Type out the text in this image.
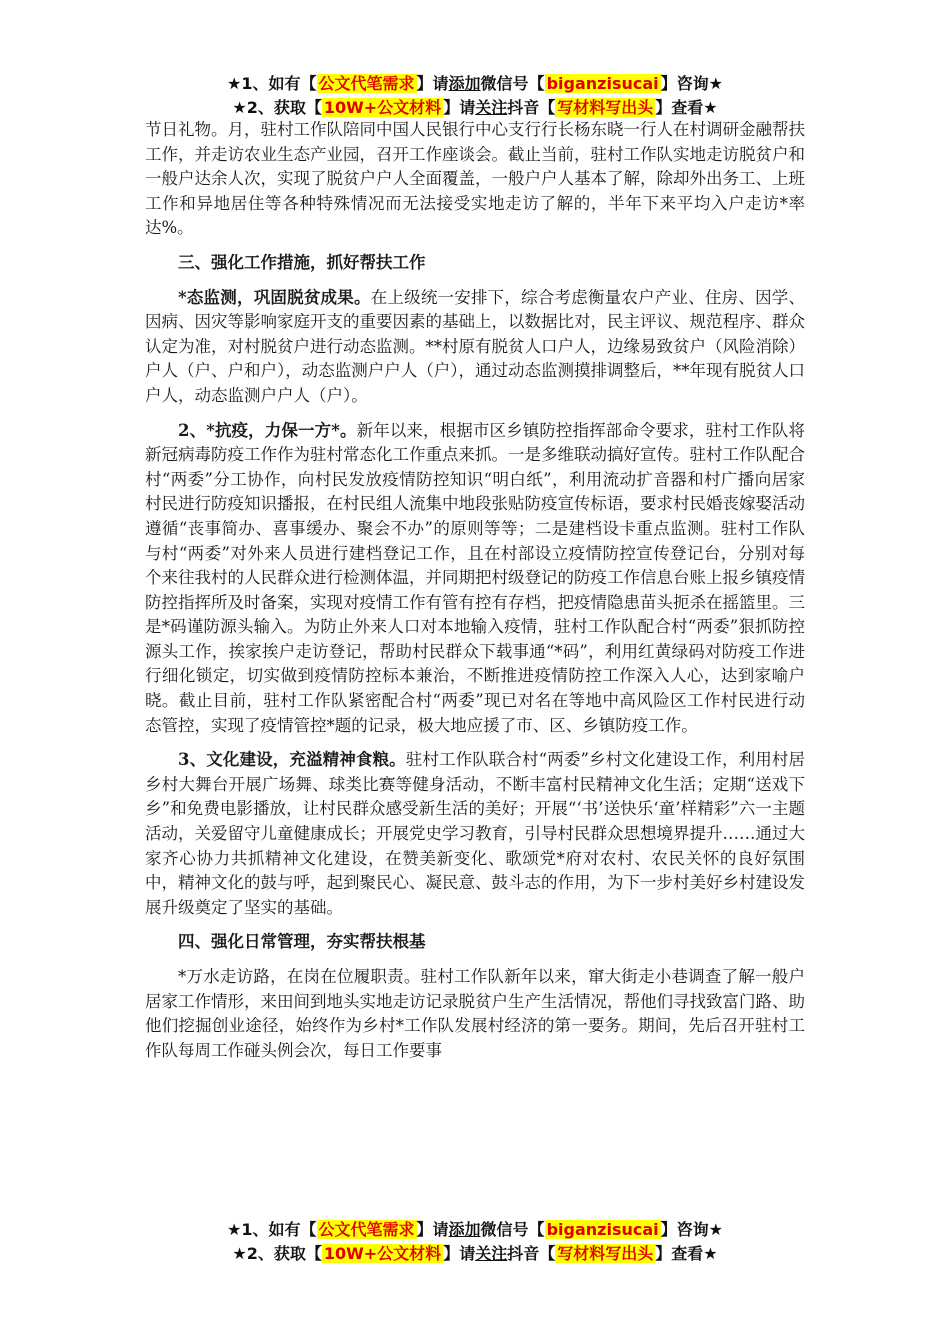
★1、如有【 公文代笔需求 】请添加微信号【 biganzisucai 】咨询★
★2、获取【 10W+公文材料 】请关注抖音【 写材料写出头 】查看★

节日礼物。月，驻村工作队陪同中国人民银行中心支行行长杨东晓一行人在村调研金融帮扶工作，并走访农业生态产业园，召开工作座谈会。截止当前，驻村工作队实地走访脱贫户和一般户达余人次，实现了脱贫户户人全面覆盖，一般户户人基本了解，除却外出务工、上班工作和异地居住等各种特殊情况而无法接受实地走访了解的，半年下来平均入户走访*率达%。

三、强化工作措施，抓好帮扶工作

*态监测，巩固脱贫成果。在上级统一安排下，综合考虑衡量农户产业、住房、因学、因病、因灾等影响家庭开支的重要因素的基础上，以数据比对，民主评议、规范程序、群众认定为准，对村脱贫户进行动态监测。**村原有脱贫人口户人，边缘易致贫户（风险消除）户人（户、户和户），动态监测户户人（户），通过动态监测摸排调整后，**年现有脱贫人口户人，动态监测户户人（户）。

2、*抗疫，力保一方*。新年以来，根据市区乡镇防控指挥部命令要求，驻村工作队将新冠病毒防疫工作作为驻村常态化工作重点来抓。一是多维联动搞好宣传。驻村工作队配合村“两委”分工协作，向村民发放疫情防控知识“明白纸”，利用流动扩音器和村广播向居家村民进行防疫知识播报，在村民组人流集中地段张贴防疫宣传标语，要求村民婚丧嫁娶活动遵循“丧事简办、喜事缓办、聚会不办”的原则等等；二是建档设卡重点监测。驻村工作队与村“两委”对外来人员进行建档登记工作，且在村部设立疫情防控宣传登记台，分别对每个来往我村的人民群众进行检测体温，并同期把村级登记的防疫工作信息台账上报乡镇疫情防控指挥所及时备案，实现对疫情工作有管有控有存档，把疫情隐患苗头扼杀在摇篮里。三是*码谨防源头输入。为防止外来人口对本地输入疫情，驻村工作队配合村“两委”狠抓防控源头工作，挨家挨户走访登记，帮助村民群众下载事通“*码”，利用红黄绿码对防疫工作进行细化锁定，切实做到疫情防控标本兼治，不断推进疫情防控工作深入人心，达到家喻户晓。截止目前，驻村工作队紧密配合村“两委”现已对名在等地中高风险区工作村民进行动态管控，实现了疫情管控*题的记录，极大地应援了市、区、乡镇防疫工作。

3、文化建设，充溢精神食粮。驻村工作队联合村“两委”乡村文化建设工作，利用村居乡村大舞台开展广场舞、球类比赛等健身活动，不断丰富村民精神文化生活；定期“送戏下乡”和免费电影播放，让村民群众感受新生活的美好；开展“‘书’送快乐‘童’样精彩”六一主题活动，关爱留守儿童健康成长；开展党史学习教育，引导村民群众思想境界提升……通过大家齐心协力共抓精神文化建设，在赞美新变化、歌颂党*府对农村、农民关怀的良好氛围中，精神文化的鼓与呼，起到聚民心、凝民意、鼓斗志的作用，为下一步村美好乡村建设发展升级奠定了坚实的基础。

四、强化日常管理，夯实帮扶根基

*万水走访路，在岗在位履职责。驻村工作队新年以来，窜大街走小巷调查了解一般户居家工作情形，来田间到地头实地走访记录脱贫户生产生活情况，帮他们寻找致富门路、助他们挖掘创业途径，始终作为乡村*工作队发展村经济的第一要务。期间，先后召开驻村工作队每周工作碰头例会次，每日工作要事

★1、如有【 公文代笔需求 】请添加微信号【 biganzisucai 】咨询★
★2、获取【 10W+公文材料 】请关注抖音【 写材料写出头 】查看★
